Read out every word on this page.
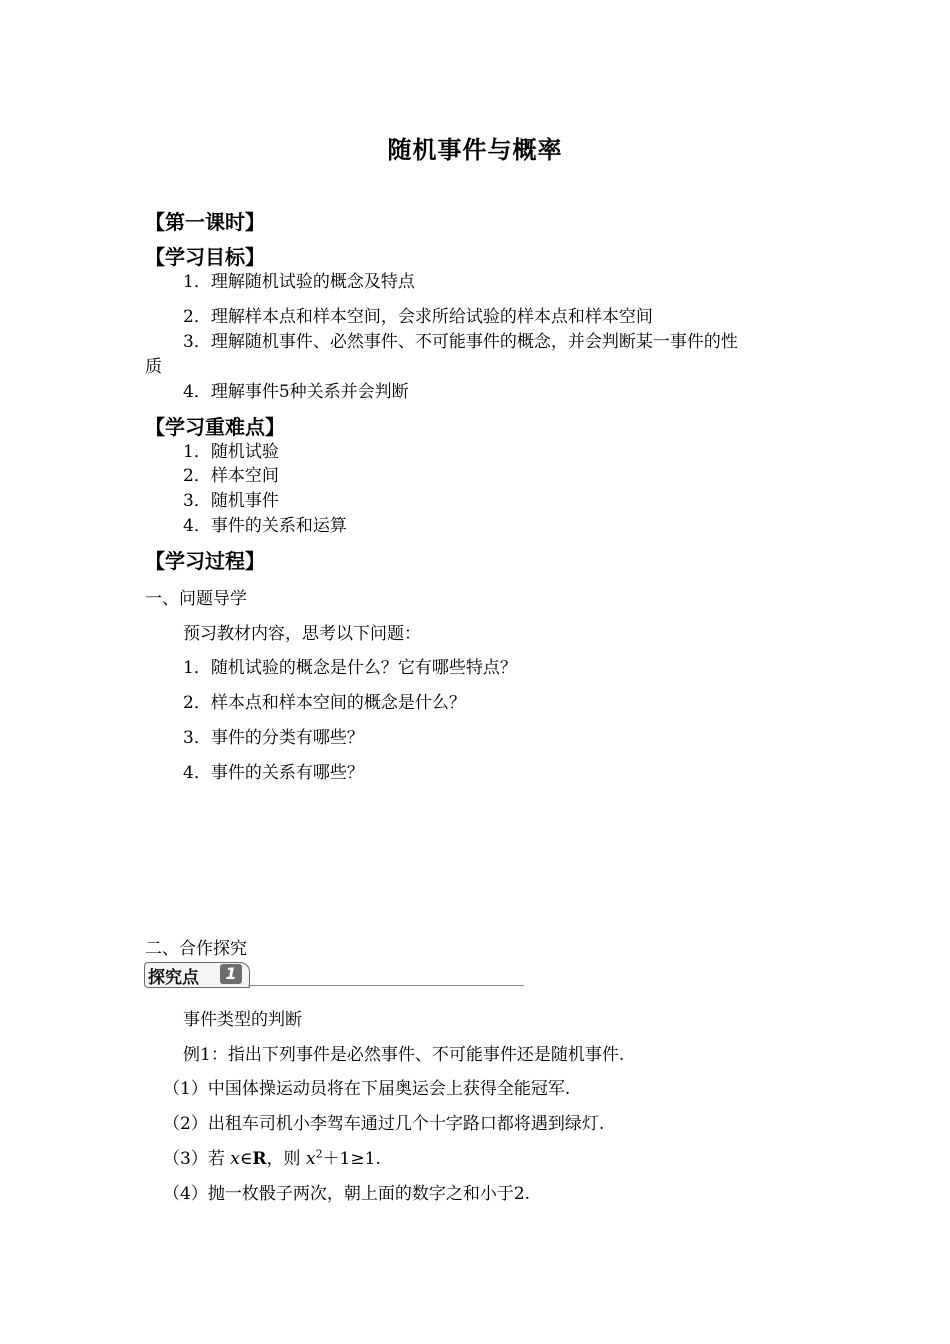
随机事件与概率
【第一课时】
【学习目标】
1．理解随机试验的概念及特点
2．理解样本点和样本空间，会求所给试验的样本点和样本空间
3．理解随机事件、必然事件、不可能事件的概念，并会判断某一事件的性
质
4．理解事件5种关系并会判断
【学习重难点】
1．随机试验
2．样本空间
3．随机事件
4．事件的关系和运算
【学习过程】
一、问题导学
预习教材内容，思考以下问题：
1．随机试验的概念是什么？它有哪些特点？
2．样本点和样本空间的概念是什么？
3．事件的分类有哪些？
4．事件的关系有哪些？
二、合作探究
探究点	1
事件类型的判断
例1：指出下列事件是必然事件、不可能事件还是随机事件.
（1）中国体操运动员将在下届奥运会上获得全能冠军.
（2）出租车司机小李驾车通过几个十字路口都将遇到绿灯.
（3）若 x∈R，则 $x^2+1\ge 1$.
（4）抛一枚骰子两次，朝上面的数字之和小于2.
